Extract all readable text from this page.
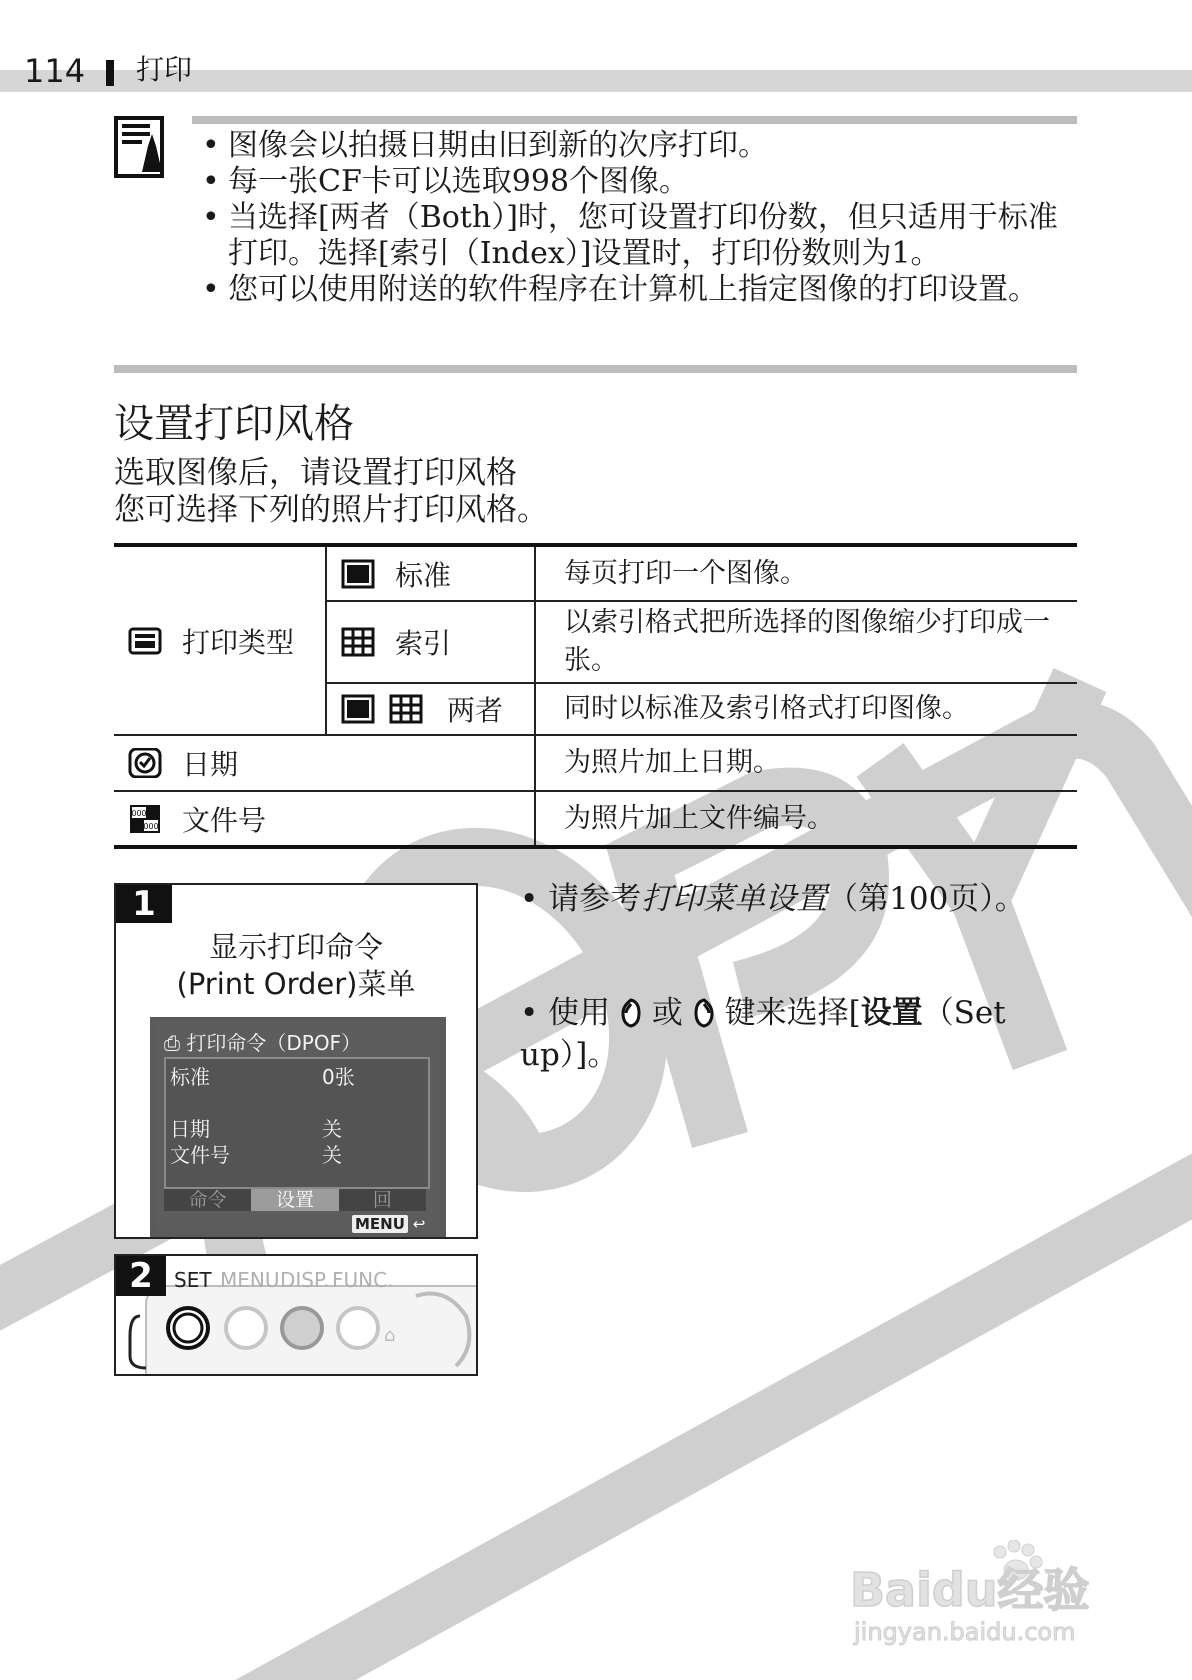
114 打印
• 图像会以拍摄日期由旧到新的次序打印。
• 每一张CF卡可以选取998个图像。
• 当选择[两者（Both）]时，您可设置打印份数，但只适用于标准打印。选择[索引（Index）]设置时，打印份数则为1。
• 您可以使用附送的软件程序在计算机上指定图像的打印设置。
设置打印风格
选取图像后，请设置打印风格
您可选择下列的照片打印风格。
打印类型	标准	每页打印一个图像。

	索引	以索引格式把所选择的图像缩少打印成一张。

	两者	同时以标准及索引格式打印图像。

日期		为照片加上日期。

000
000 文件号		为照片加上文件编号。
1
显示打印命令
(Print Order)菜单
⎙ 打印命令（DPOF）
标准	0张
日期	关
文件号	关
命令	设置	回
MENU ↩
2
⌂
SET MENU DISP. FUNC.
• 请参考打印菜单设置（第100页）。
• 使用 或 键来选择[设置（Set up）]。
Baidu经验
jingyan.baidu.com
